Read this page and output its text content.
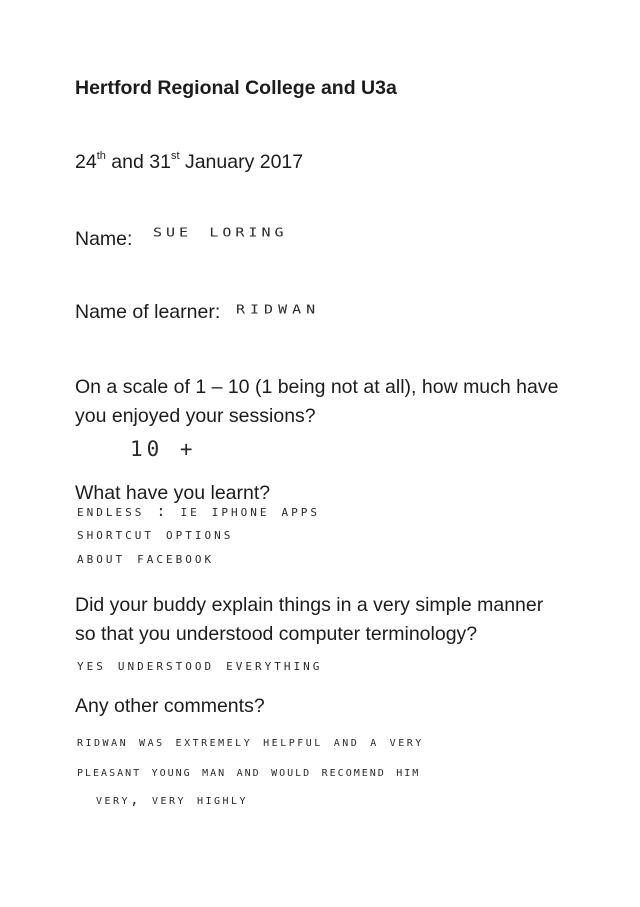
Hertford Regional College and U3a
24th and 31st January 2017
Name: sue loring
Name of learner: ridwan
On a scale of 1 – 10 (1 being not at all), how much have
you enjoyed your sessions?
10 +
What have you learnt?
endless : ie iphone apps
shortcut options
about facebook
Did your buddy explain things in a very simple manner
so that you understood computer terminology?
yes understood everything
Any other comments?
ridwan was extremely helpful and a very
pleasant young man and would recomend him
very, very highly
